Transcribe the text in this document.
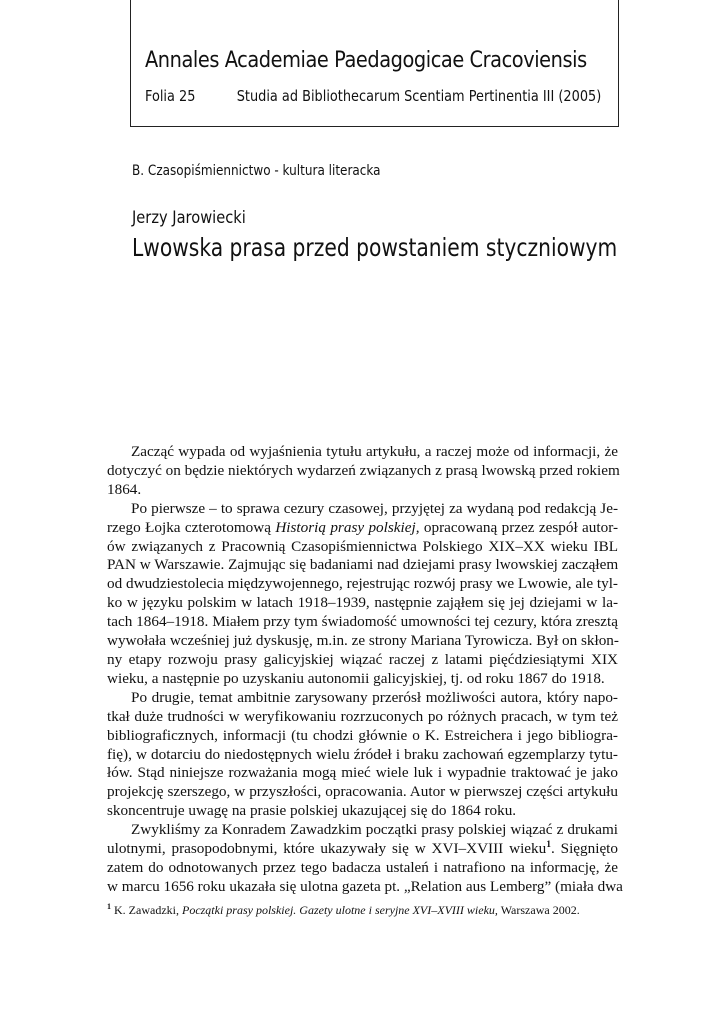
Annales Academiae Paedagogicae Cracoviensis
Folia 25	Studia ad Bibliothecarum Scentiam Pertinentia III (2005)
B. Czasopiśmiennictwo - kultura literacka
Jerzy Jarowiecki
Lwowska prasa przed powstaniem styczniowym
Zacząć wypada od wyjaśnienia tytułu artykułu, a raczej może od informacji, że
dotyczyć on będzie niektórych wydarzeń związanych z prasą lwowską przed rokiem
1864.
Po pierwsze – to sprawa cezury czasowej, przyjętej za wydaną pod redakcją Je-
rzego Łojka czterotomową Historią prasy polskiej, opracowaną przez zespół autor-
ów związanych z Pracownią Czasopiśmiennictwa Polskiego XIX–XX wieku IBL
PAN w Warszawie. Zajmując się badaniami nad dziejami prasy lwowskiej zacząłem
od dwudziestolecia międzywojennego, rejestrując rozwój prasy we Lwowie, ale tyl-
ko w języku polskim w latach 1918–1939, następnie zająłem się jej dziejami w la-
tach 1864–1918. Miałem przy tym świadomość umowności tej cezury, która zresztą
wywołała wcześniej już dyskusję, m.in. ze strony Mariana Tyrowicza. Był on skłon-
ny etapy rozwoju prasy galicyjskiej wiązać raczej z latami pięćdziesiątymi XIX
wieku, a następnie po uzyskaniu autonomii galicyjskiej, tj. od roku 1867 do 1918.
Po drugie, temat ambitnie zarysowany przerósł możliwości autora, który napo-
tkał duże trudności w weryfikowaniu rozrzuconych po różnych pracach, w tym też
bibliograficznych, informacji (tu chodzi głównie o K. Estreichera i jego bibliogra-
fię), w dotarciu do niedostępnych wielu źródeł i braku zachowań egzemplarzy tytu-
łów. Stąd niniejsze rozważania mogą mieć wiele luk i wypadnie traktować je jako
projekcję szerszego, w przyszłości, opracowania. Autor w pierwszej części artykułu
skoncentruje uwagę na prasie polskiej ukazującej się do 1864 roku.
Zwykliśmy za Konradem Zawadzkim początki prasy polskiej wiązać z drukami
ulotnymi, prasopodobnymi, które ukazywały się w XVI–XVIII wieku$^1$. Sięgnięto
zatem do odnotowanych przez tego badacza ustaleń i natrafiono na informację, że
w marcu 1656 roku ukazała się ulotna gazeta pt. „Relation aus Lemberg” (miała dwa
$^1$ K. Zawadzki, Początki prasy polskiej. Gazety ulotne i seryjne XVI–XVIII wieku, Warszawa 2002.
